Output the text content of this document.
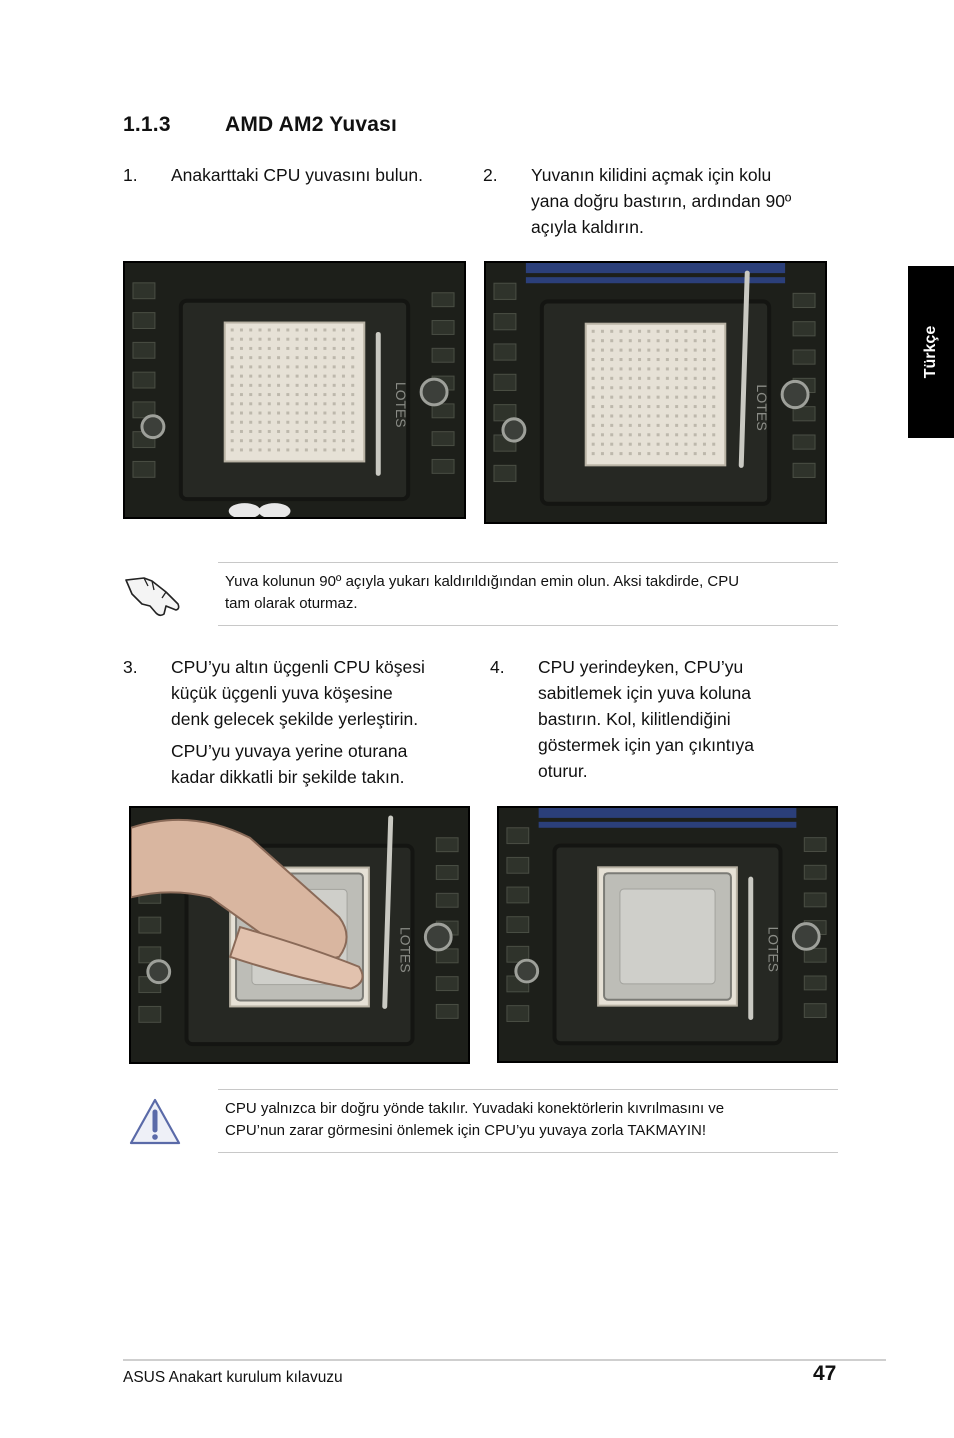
1.1.3	AMD AM2 Yuvası
1. Anakarttaki CPU yuvasını bulun.	2. Yuvanın kilidini açmak için kolu
yana doğru bastırın, ardından 90º
açıyla kaldırın.
LOTES	LOTES
Yuva kolunun 90º açıyla yukarı kaldırıldığından emin olun. Aksi takdirde, CPU
tam olarak oturmaz.
3. CPU’yu altın üçgenli CPU köşesi
küçük üçgenli yuva köşesine
denk gelecek şekilde yerleştirin.
CPU’yu yuvaya yerine oturana
kadar dikkatli bir şekilde takın.
4. CPU yerindeyken, CPU’yu
sabitlemek için yuva koluna
bastırın. Kol, kilitlendiğini
göstermek için yan çıkıntıya
oturur.
LOTES	LOTES
CPU yalnızca bir doğru yönde takılır. Yuvadaki konektörlerin kıvrılmasını ve
CPU’nun zarar görmesini önlemek için CPU’yu yuvaya zorla TAKMAYIN!
Türkçe
ASUS Anakart kurulum kılavuzu	47
